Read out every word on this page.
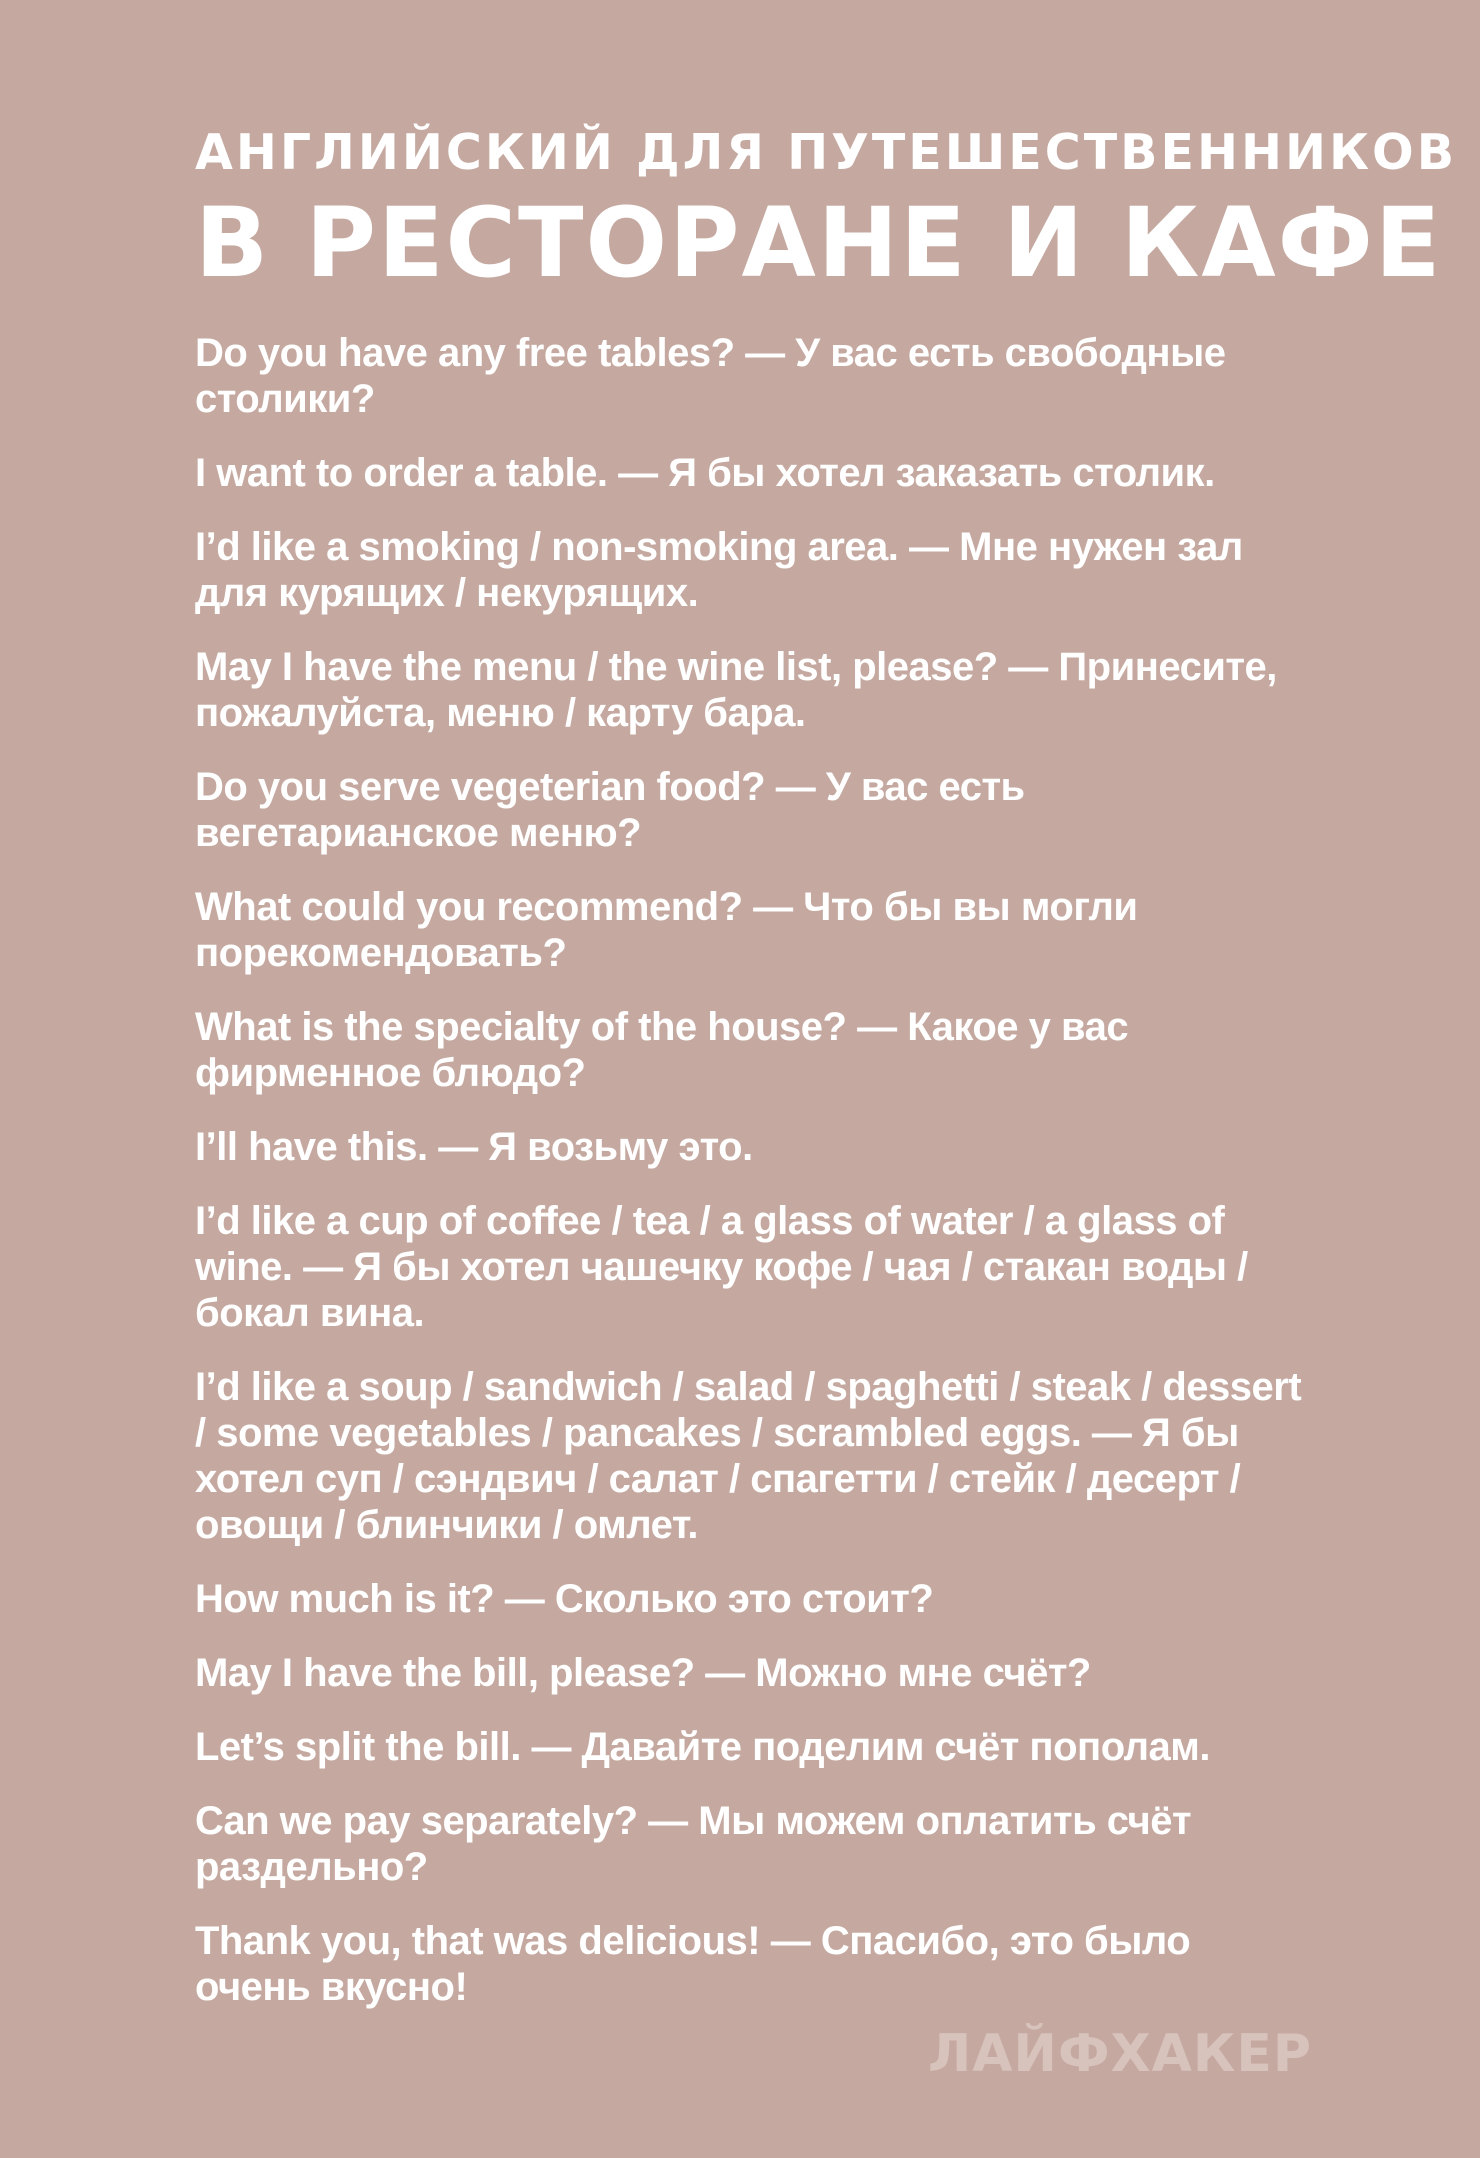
АНГЛИЙСКИЙ ДЛЯ ПУТЕШЕСТВЕННИКОВ
В РЕСТОРАНЕ И КАФЕ
Do you have any free tables? — У вас есть свободные столики?
I want to order a table. — Я бы хотел заказать столик.
I’d like a smoking / non-smoking area. — Мне нужен зал для курящих / некурящих.
May I have the menu / the wine list, please? — Принесите, пожалуйста, меню / карту бара.
Do you serve vegeterian food? — У вас есть вегетарианское меню?
What could you recommend? — Что бы вы могли порекомендовать?
What is the specialty of the house? — Какое у вас фирменное блюдо?
I’ll have this. — Я возьму это.
I’d like a cup of coffee / tea / a glass of water / a glass of wine. — Я бы хотел чашечку кофе / чая / стакан воды / бокал вина.
I’d like a soup / sandwich / salad / spaghetti / steak / dessert / some vegetables / pancakes / scrambled eggs. — Я бы хотел суп / сэндвич / салат / спагетти / стейк / десерт / овощи / блинчики / омлет.
How much is it? — Сколько это стоит?
May I have the bill, please? — Можно мне счёт?
Let’s split the bill. — Давайте поделим счёт пополам.
Can we pay separately? — Мы можем оплатить счёт раздельно?
Thank you, that was delicious! — Спасибо, это было очень вкусно!
ЛАЙФХАКЕР
